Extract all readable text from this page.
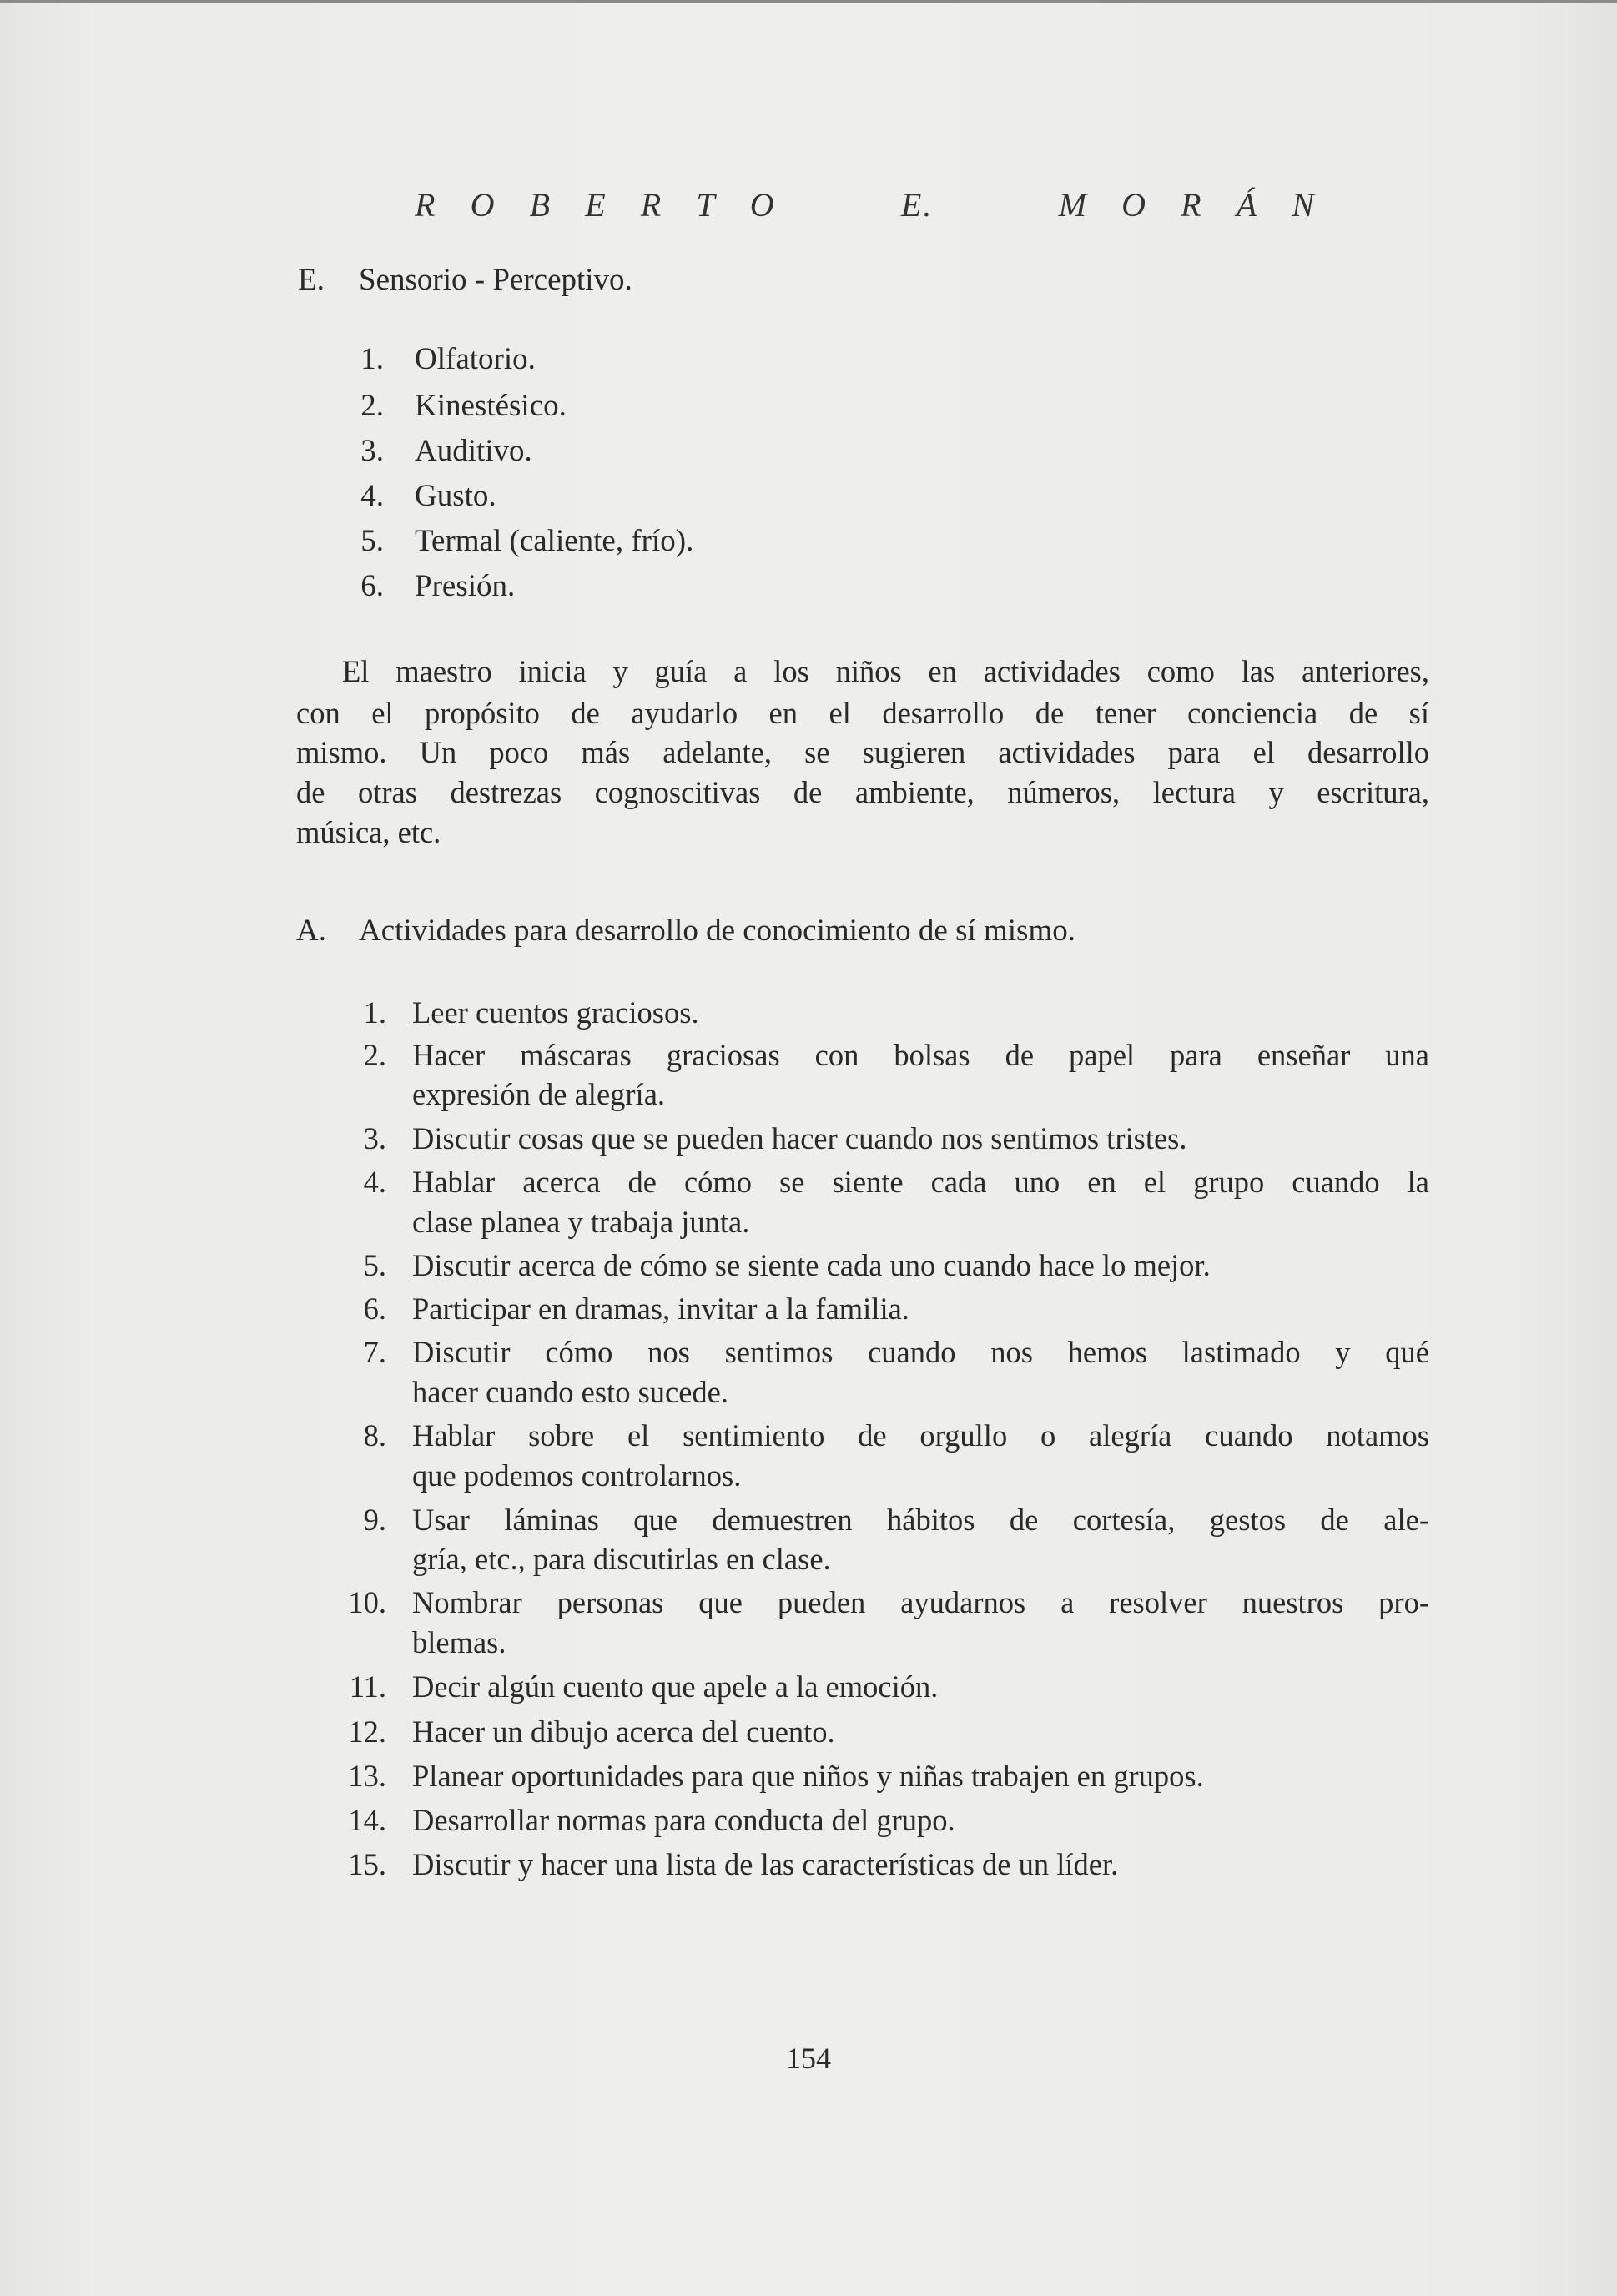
R O B E R T O	E.	M O R Á N
E. Sensorio - Perceptivo.
1. Olfatorio.
2. Kinestésico.
3. Auditivo.
4. Gusto.
5. Termal (caliente, frío).
6. Presión.
El maestro inicia y guía a los niños en actividades como las anteriores,
con el propósito de ayudarlo en el desarrollo de tener conciencia de sí
mismo. Un poco más adelante, se sugieren actividades para el desarrollo
de otras destrezas cognoscitivas de ambiente, números, lectura y escritura,
música, etc.
A. Actividades para desarrollo de conocimiento de sí mismo.
1. Leer cuentos graciosos.
2. Hacer máscaras graciosas con bolsas de papel para enseñar una
expresión de alegría.
3. Discutir cosas que se pueden hacer cuando nos sentimos tristes.
4. Hablar acerca de cómo se siente cada uno en el grupo cuando la
clase planea y trabaja junta.
5. Discutir acerca de cómo se siente cada uno cuando hace lo mejor.
6. Participar en dramas, invitar a la familia.
7. Discutir cómo nos sentimos cuando nos hemos lastimado y qué
hacer cuando esto sucede.
8. Hablar sobre el sentimiento de orgullo o alegría cuando notamos
que podemos controlarnos.
9. Usar láminas que demuestren hábitos de cortesía, gestos de ale-
gría, etc., para discutirlas en clase.
10. Nombrar personas que pueden ayudarnos a resolver nuestros pro-
blemas.
11. Decir algún cuento que apele a la emoción.
12. Hacer un dibujo acerca del cuento.
13. Planear oportunidades para que niños y niñas trabajen en grupos.
14. Desarrollar normas para conducta del grupo.
15. Discutir y hacer una lista de las características de un líder.
154
